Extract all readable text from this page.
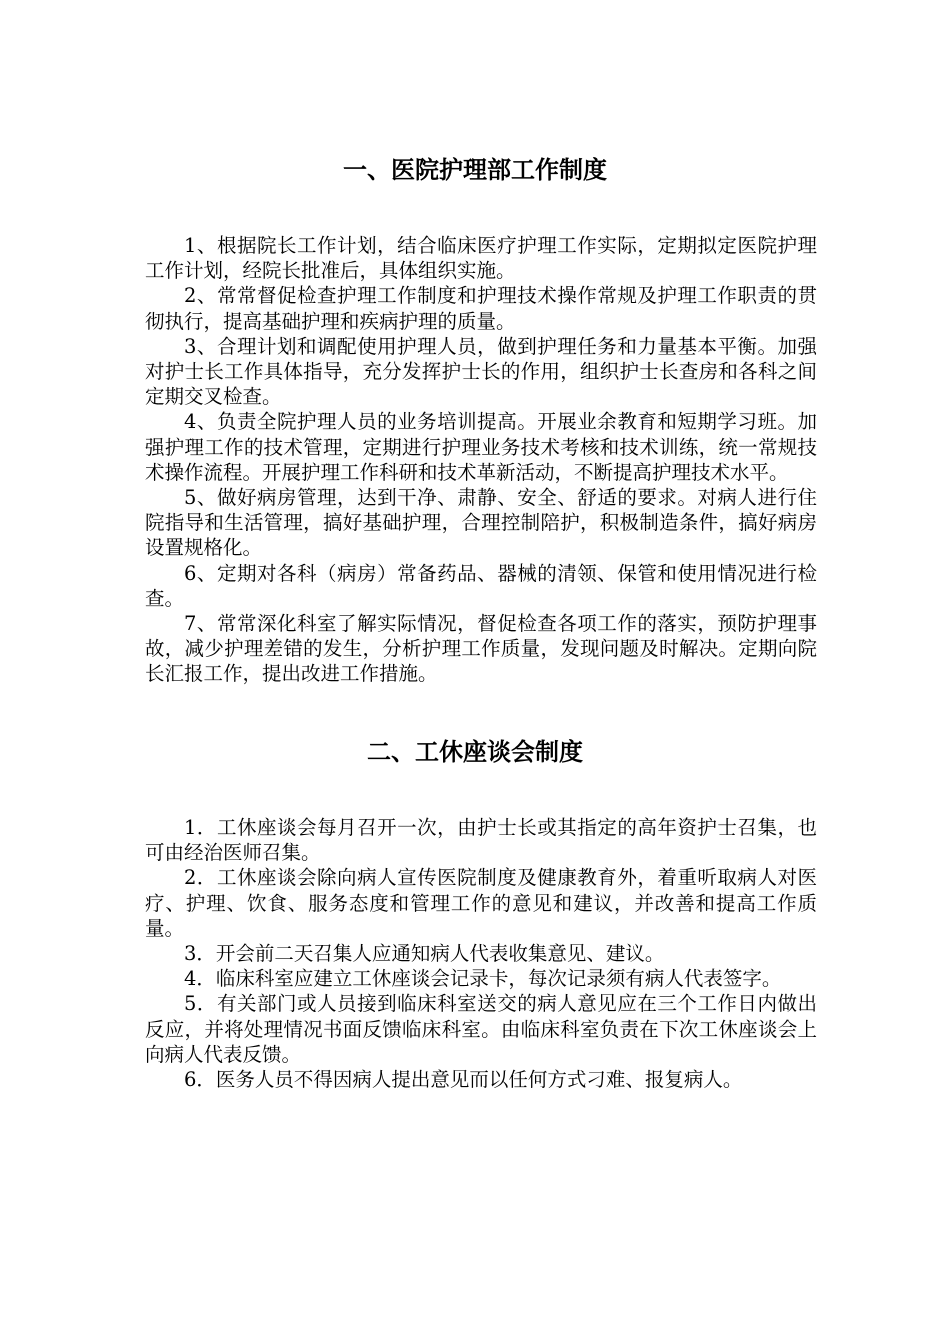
一、医院护理部工作制度

1、根据院长工作计划，结合临床医疗护理工作实际，定期拟定医院护理工作计划，经院长批准后，具体组织实施。

2、常常督促检查护理工作制度和护理技术操作常规及护理工作职责的贯彻执行，提高基础护理和疾病护理的质量。

3、合理计划和调配使用护理人员，做到护理任务和力量基本平衡。加强对护士长工作具体指导，充分发挥护士长的作用，组织护士长查房和各科之间定期交叉检查。

4、负责全院护理人员的业务培训提高。开展业余教育和短期学习班。加强护理工作的技术管理，定期进行护理业务技术考核和技术训练，统一常规技术操作流程。开展护理工作科研和技术革新活动，不断提高护理技术水平。

5、做好病房管理，达到干净、肃静、安全、舒适的要求。对病人进行住院指导和生活管理，搞好基础护理，合理控制陪护，积极制造条件，搞好病房设置规格化。

6、定期对各科（病房）常备药品、器械的清领、保管和使用情况进行检查。

7、常常深化科室了解实际情况，督促检查各项工作的落实，预防护理事故，减少护理差错的发生，分析护理工作质量，发现问题及时解决。定期向院长汇报工作，提出改进工作措施。

二、工休座谈会制度

1．工休座谈会每月召开一次，由护士长或其指定的高年资护士召集，也可由经治医师召集。

2．工休座谈会除向病人宣传医院制度及健康教育外，着重听取病人对医疗、护理、饮食、服务态度和管理工作的意见和建议，并改善和提高工作质量。

3．开会前二天召集人应通知病人代表收集意见、建议。

4．临床科室应建立工休座谈会记录卡，每次记录须有病人代表签字。

5．有关部门或人员接到临床科室送交的病人意见应在三个工作日内做出反应，并将处理情况书面反馈临床科室。由临床科室负责在下次工休座谈会上向病人代表反馈。

6．医务人员不得因病人提出意见而以任何方式刁难、报复病人。
